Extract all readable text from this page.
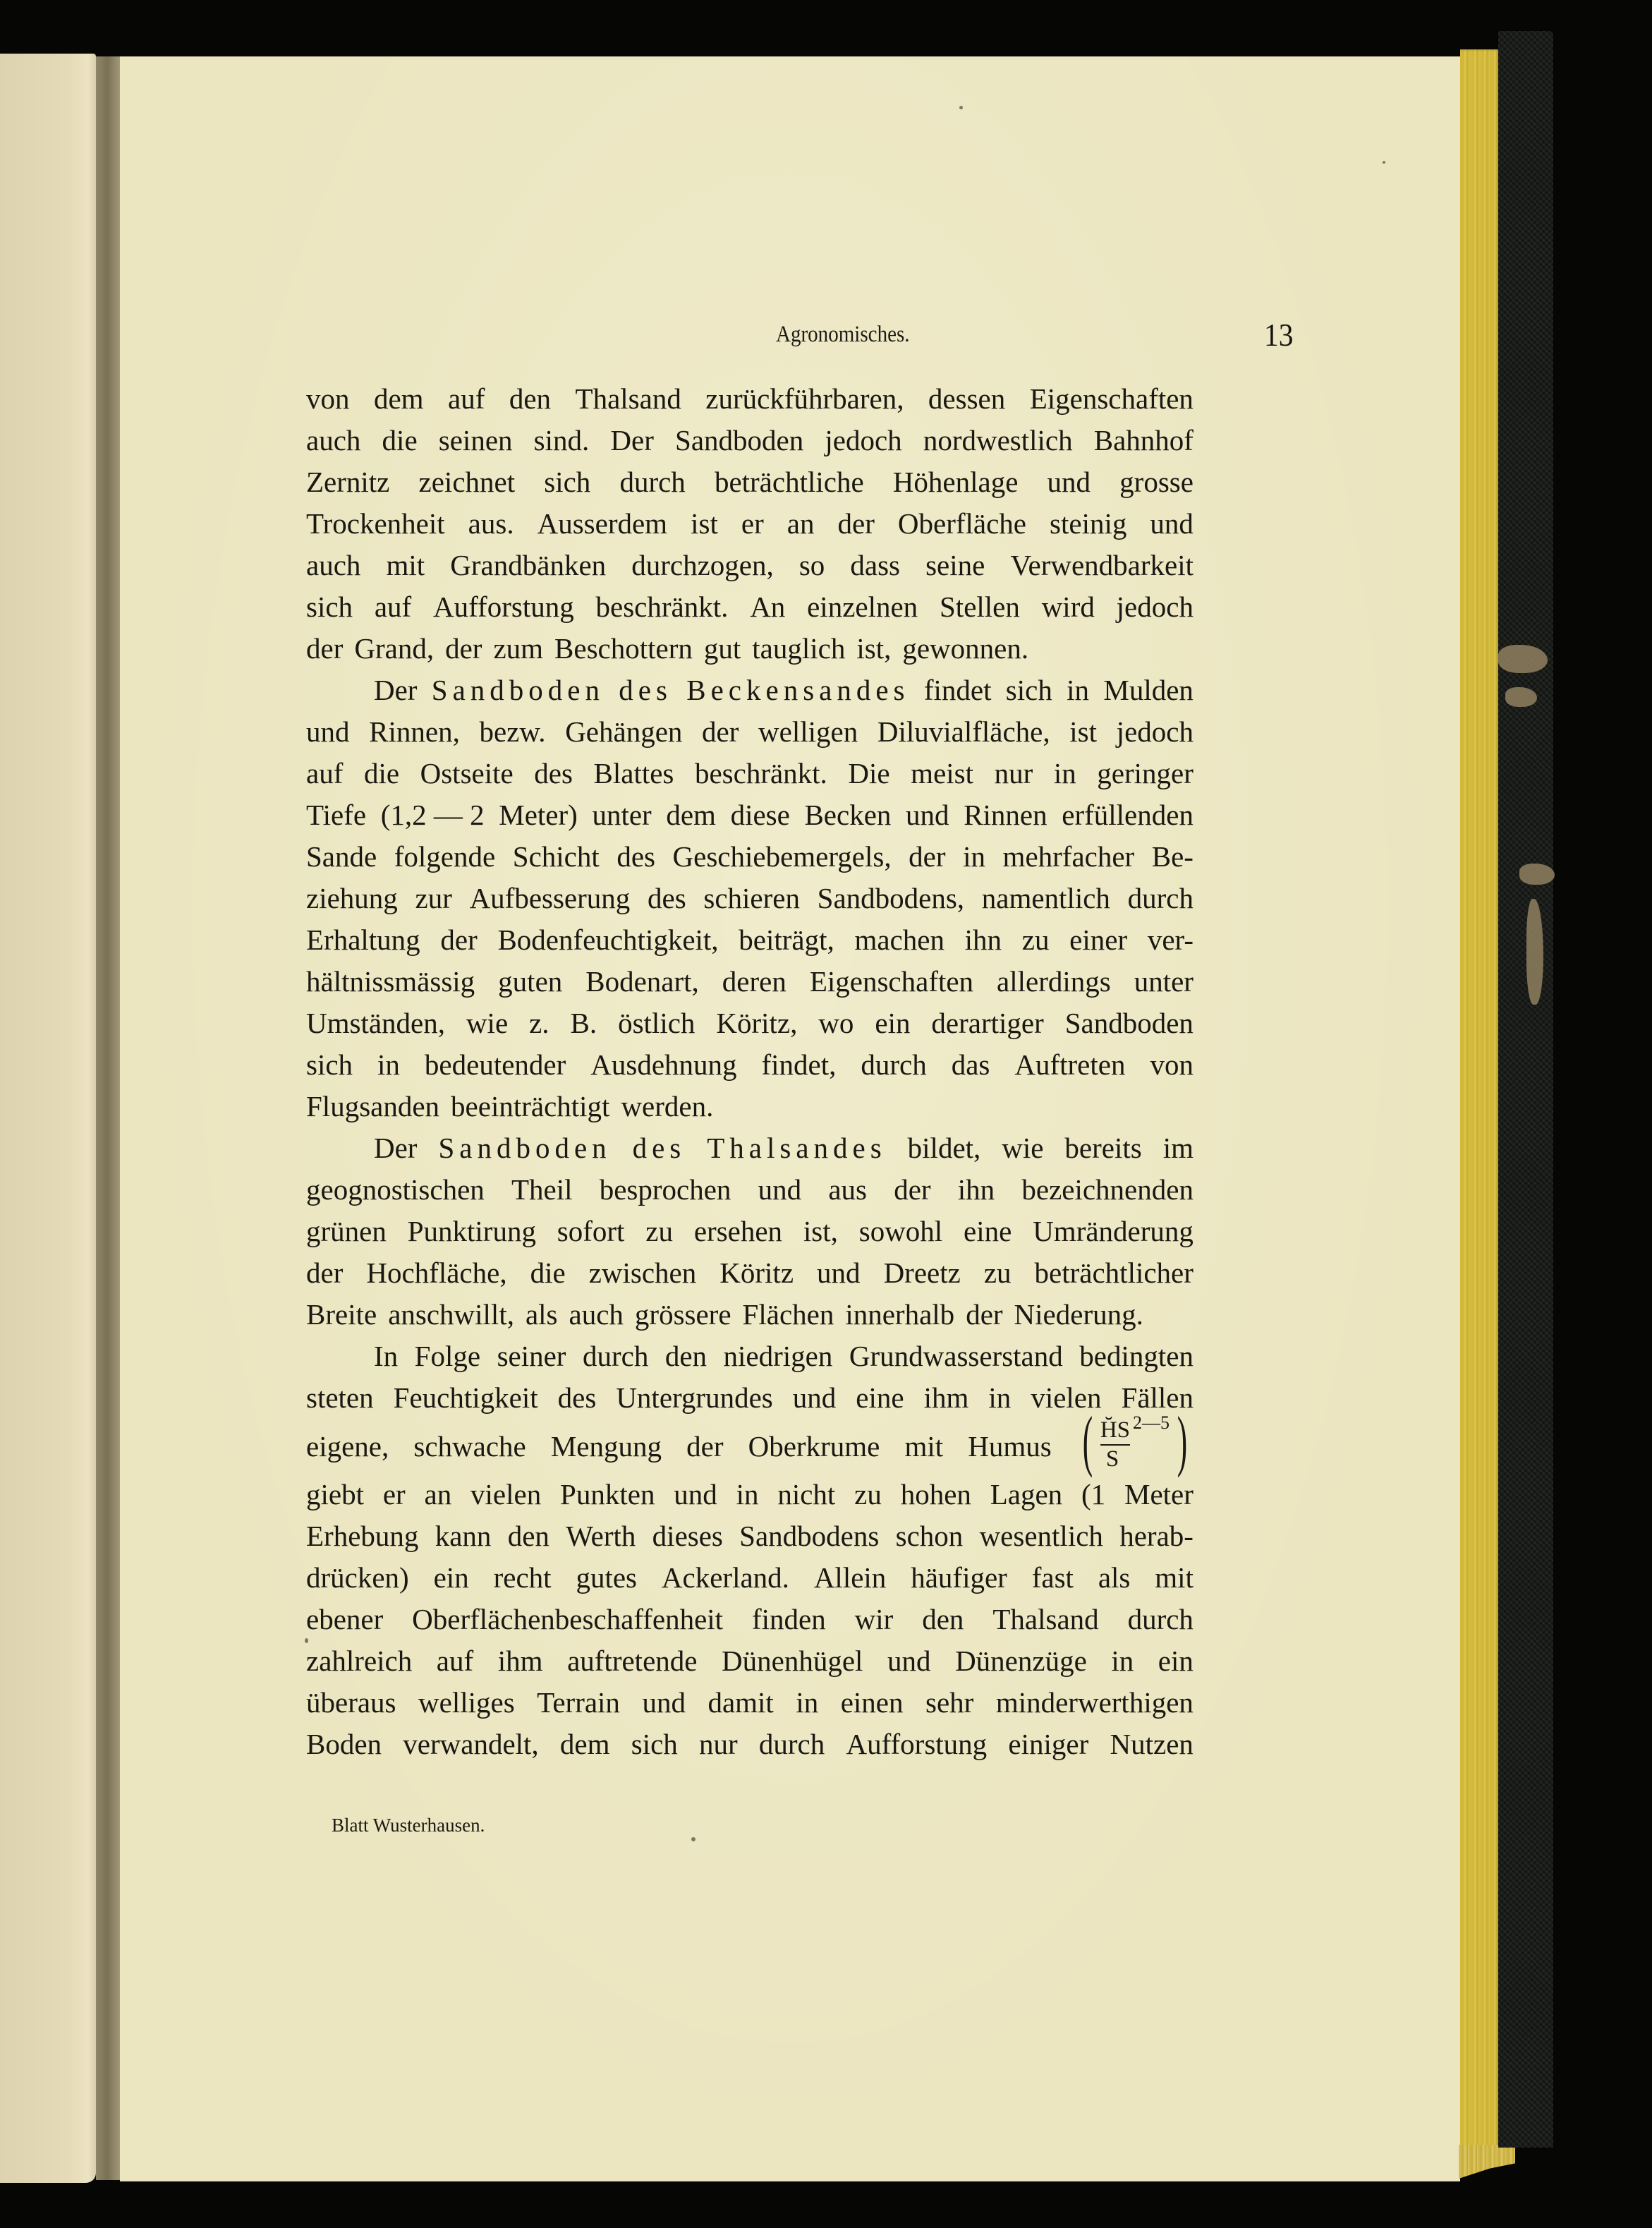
Agronomisches.	13
von dem auf den Thalsand zurückführbaren, dessen Eigenschaften
auch die seinen sind. Der Sandboden jedoch nordwestlich Bahnhof
Zernitz zeichnet sich durch beträchtliche Höhenlage und grosse
Trockenheit aus. Ausserdem ist er an der Oberfläche steinig und
auch mit Grandbänken durchzogen, so dass seine Verwendbarkeit
sich auf Aufforstung beschränkt. An einzelnen Stellen wird jedoch
der Grand, der zum Beschottern gut tauglich ist, gewonnen.
Der Sandboden des Beckensandes findet sich in Mulden
und Rinnen, bezw. Gehängen der welligen Diluvialfläche, ist jedoch
auf die Ostseite des Blattes beschränkt. Die meist nur in geringer
Tiefe (1,2 — 2 Meter) unter dem diese Becken und Rinnen erfüllenden
Sande folgende Schicht des Geschiebemergels, der in mehrfacher Be-
ziehung zur Aufbesserung des schieren Sandbodens, namentlich durch
Erhaltung der Bodenfeuchtigkeit, beiträgt, machen ihn zu einer ver-
hältnissmässig guten Bodenart, deren Eigenschaften allerdings unter
Umständen, wie z. B. östlich Köritz, wo ein derartiger Sandboden
sich in bedeutender Ausdehnung findet, durch das Auftreten von
Flugsanden beeinträchtigt werden.
Der Sandboden des Thalsandes bildet, wie bereits im
geognostischen Theil besprochen und aus der ihn bezeichnenden
grünen Punktirung sofort zu ersehen ist, sowohl eine Umränderung
der Hochfläche, die zwischen Köritz und Dreetz zu beträchtlicher
Breite anschwillt, als auch grössere Flächen innerhalb der Niederung.
In Folge seiner durch den niedrigen Grundwasserstand bedingten
steten Feuchtigkeit des Untergrundes und eine ihm in vielen Fällen
eigene, schwache Mengung der Oberkrume mit Humus ( $\frac{H̆S ^{2—5}}{S}$ )
giebt er an vielen Punkten und in nicht zu hohen Lagen (1 Meter
Erhebung kann den Werth dieses Sandbodens schon wesentlich herab-
drücken) ein recht gutes Ackerland. Allein häufiger fast als mit
ebener Oberflächenbeschaffenheit finden wir den Thalsand durch
zahlreich auf ihm auftretende Dünenhügel und Dünenzüge in ein
überaus welliges Terrain und damit in einen sehr minderwerthigen
Boden verwandelt, dem sich nur durch Aufforstung einiger Nutzen
Blatt Wusterhausen.
